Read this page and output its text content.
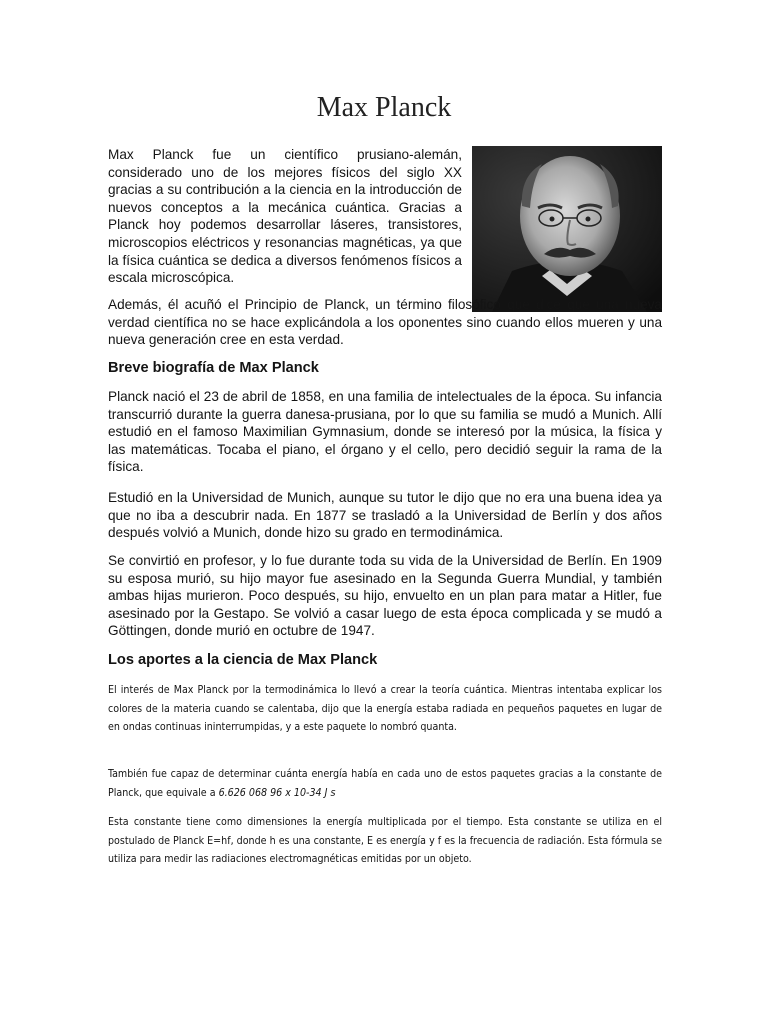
Max Planck

Max Planck fue un científico prusiano-alemán, considerado uno de los mejores físicos del siglo XX gracias a su contribución a la ciencia en la introducción de nuevos conceptos a la mecánica cuántica. Gracias a Planck hoy podemos desarrollar láseres, transistores, microscopios eléctricos y resonancias magnéticas, ya que la física cuántica se dedica a diversos fenómenos físicos a escala microscópica.

Además, él acuñó el Principio de Planck, un término filosófico que dice que una nueva verdad científica no se hace explicándola a los oponentes sino cuando ellos mueren y una nueva generación cree en esta verdad.

Breve biografía de Max Planck

Planck nació el 23 de abril de 1858, en una familia de intelectuales de la época. Su infancia transcurrió durante la guerra danesa-prusiana, por lo que su familia se mudó a Munich. Allí estudió en el famoso Maximilian Gymnasium, donde se interesó por la música, la física y las matemáticas. Tocaba el piano, el órgano y el cello, pero decidió seguir la rama de la física.

Estudió en la Universidad de Munich, aunque su tutor le dijo que no era una buena idea ya que no iba a descubrir nada. En 1877 se trasladó a la Universidad de Berlín y dos años después volvió a Munich, donde hizo su grado en termodinámica.

Se convirtió en profesor, y lo fue durante toda su vida de la Universidad de Berlín. En 1909 su esposa murió, su hijo mayor fue asesinado en la Segunda Guerra Mundial, y también ambas hijas murieron. Poco después, su hijo, envuelto en un plan para matar a Hitler, fue asesinado por la Gestapo. Se volvió a casar luego de esta época complicada y se mudó a Göttingen, donde murió en octubre de 1947.

Los aportes a la ciencia de Max Planck

El interés de Max Planck por la termodinámica lo llevó a crear la teoría cuántica. Mientras intentaba explicar los colores de la materia cuando se calentaba, dijo que la energía estaba radiada en pequeños paquetes en lugar de en ondas continuas ininterrumpidas, y a este paquete lo nombró quanta.

También fue capaz de determinar cuánta energía había en cada uno de estos paquetes gracias a la constante de Planck, que equivale a 6.626 068 96 x 10-34 J s

Esta constante tiene como dimensiones la energía multiplicada por el tiempo. Esta constante se utiliza en el postulado de Planck E=hf, donde h es una constante, E es energía y f es la frecuencia de radiación. Esta fórmula se utiliza para medir las radiaciones electromagnéticas emitidas por un objeto.
